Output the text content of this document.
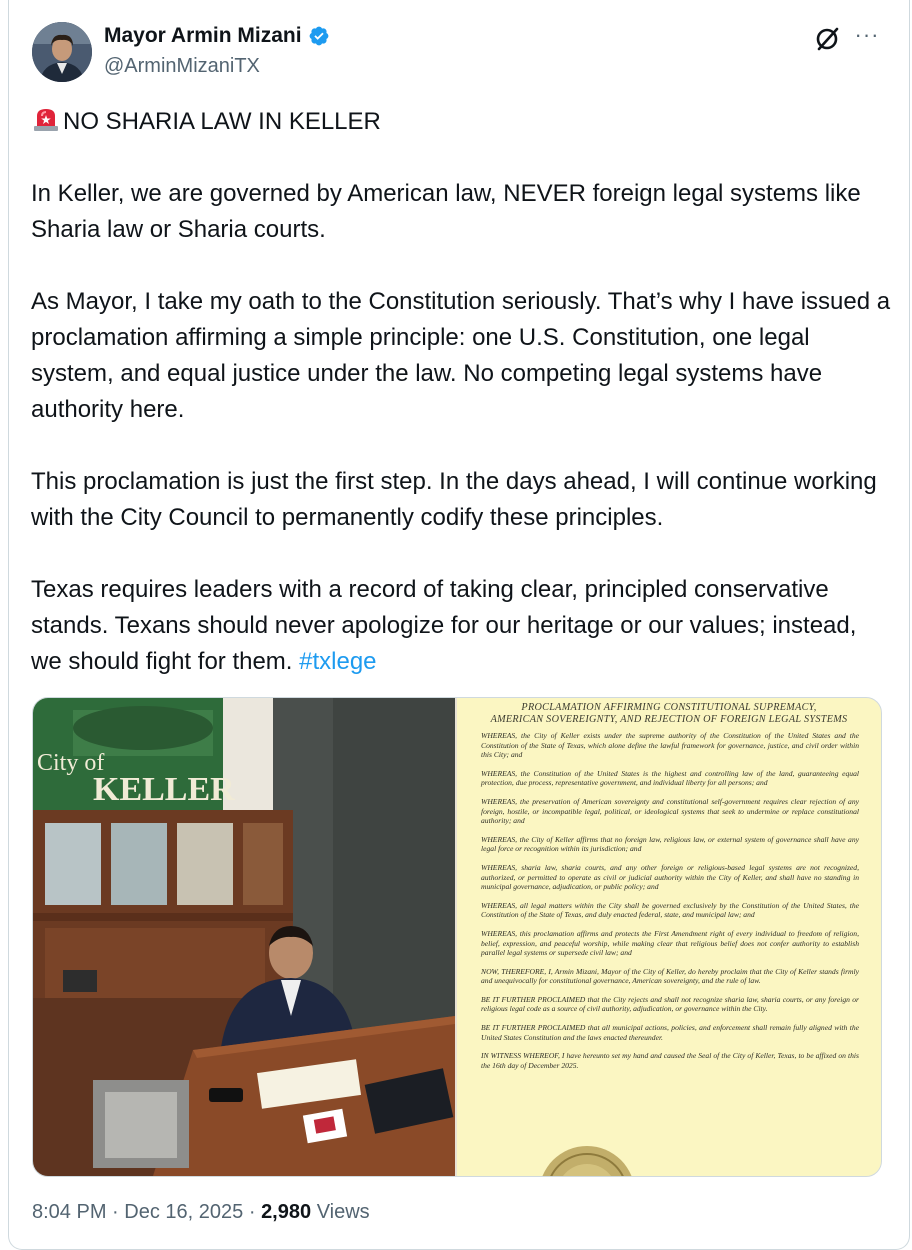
Mayor Armin Mizani
@ArminMizaniTX
···

NO SHARIA LAW IN KELLER

In Keller, we are governed by American law, NEVER foreign legal systems like Sharia law or Sharia courts.

As Mayor, I take my oath to the Constitution seriously. That’s why I have issued a proclamation affirming a simple principle: one U.S. Constitution, one legal system, and equal justice under the law. No competing legal systems have authority here.

This proclamation is just the first step. In the days ahead, I will continue working with the City Council to permanently codify these principles.

Texas requires leaders with a record of taking clear, principled conservative stands. Texans should never apologize for our heritage or our values; instead, we should fight for them. #txlege

City of
KELLER
PROCLAMATION AFFIRMING CONSTITUTIONAL SUPREMACY,
AMERICAN SOVEREIGNTY, AND REJECTION OF FOREIGN LEGAL SYSTEMS

WHEREAS, the City of Keller exists under the supreme authority of the Constitution of the United States and the Constitution of the State of Texas, which alone define the lawful framework for governance, justice, and civil order within this City; and

WHEREAS, the Constitution of the United States is the highest and controlling law of the land, guaranteeing equal protection, due process, representative government, and individual liberty for all persons; and

WHEREAS, the preservation of American sovereignty and constitutional self-government requires clear rejection of any foreign, hostile, or incompatible legal, political, or ideological systems that seek to undermine or replace constitutional authority; and

WHEREAS, the City of Keller affirms that no foreign law, religious law, or external system of governance shall have any legal force or recognition within its jurisdiction; and

WHEREAS, sharia law, sharia courts, and any other foreign or religious-based legal systems are not recognized, authorized, or permitted to operate as civil or judicial authority within the City of Keller, and shall have no standing in municipal governance, adjudication, or public policy; and

WHEREAS, all legal matters within the City shall be governed exclusively by the Constitution of the United States, the Constitution of the State of Texas, and duly enacted federal, state, and municipal law; and

WHEREAS, this proclamation affirms and protects the First Amendment right of every individual to freedom of religion, belief, expression, and peaceful worship, while making clear that religious belief does not confer authority to establish parallel legal systems or supersede civil law; and

NOW, THEREFORE, I, Armin Mizani, Mayor of the City of Keller, do hereby proclaim that the City of Keller stands firmly and unequivocally for constitutional governance, American sovereignty, and the rule of law.

BE IT FURTHER PROCLAIMED that the City rejects and shall not recognize sharia law, sharia courts, or any foreign or religious legal code as a source of civil authority, adjudication, or governance within the City.

BE IT FURTHER PROCLAIMED that all municipal actions, policies, and enforcement shall remain fully aligned with the United States Constitution and the laws enacted thereunder.

IN WITNESS WHEREOF, I have hereunto set my hand and caused the Seal of the City of Keller, Texas, to be affixed on this the 16th day of December 2025.

8:04 PM · Dec 16, 2025 · 2,980 Views
